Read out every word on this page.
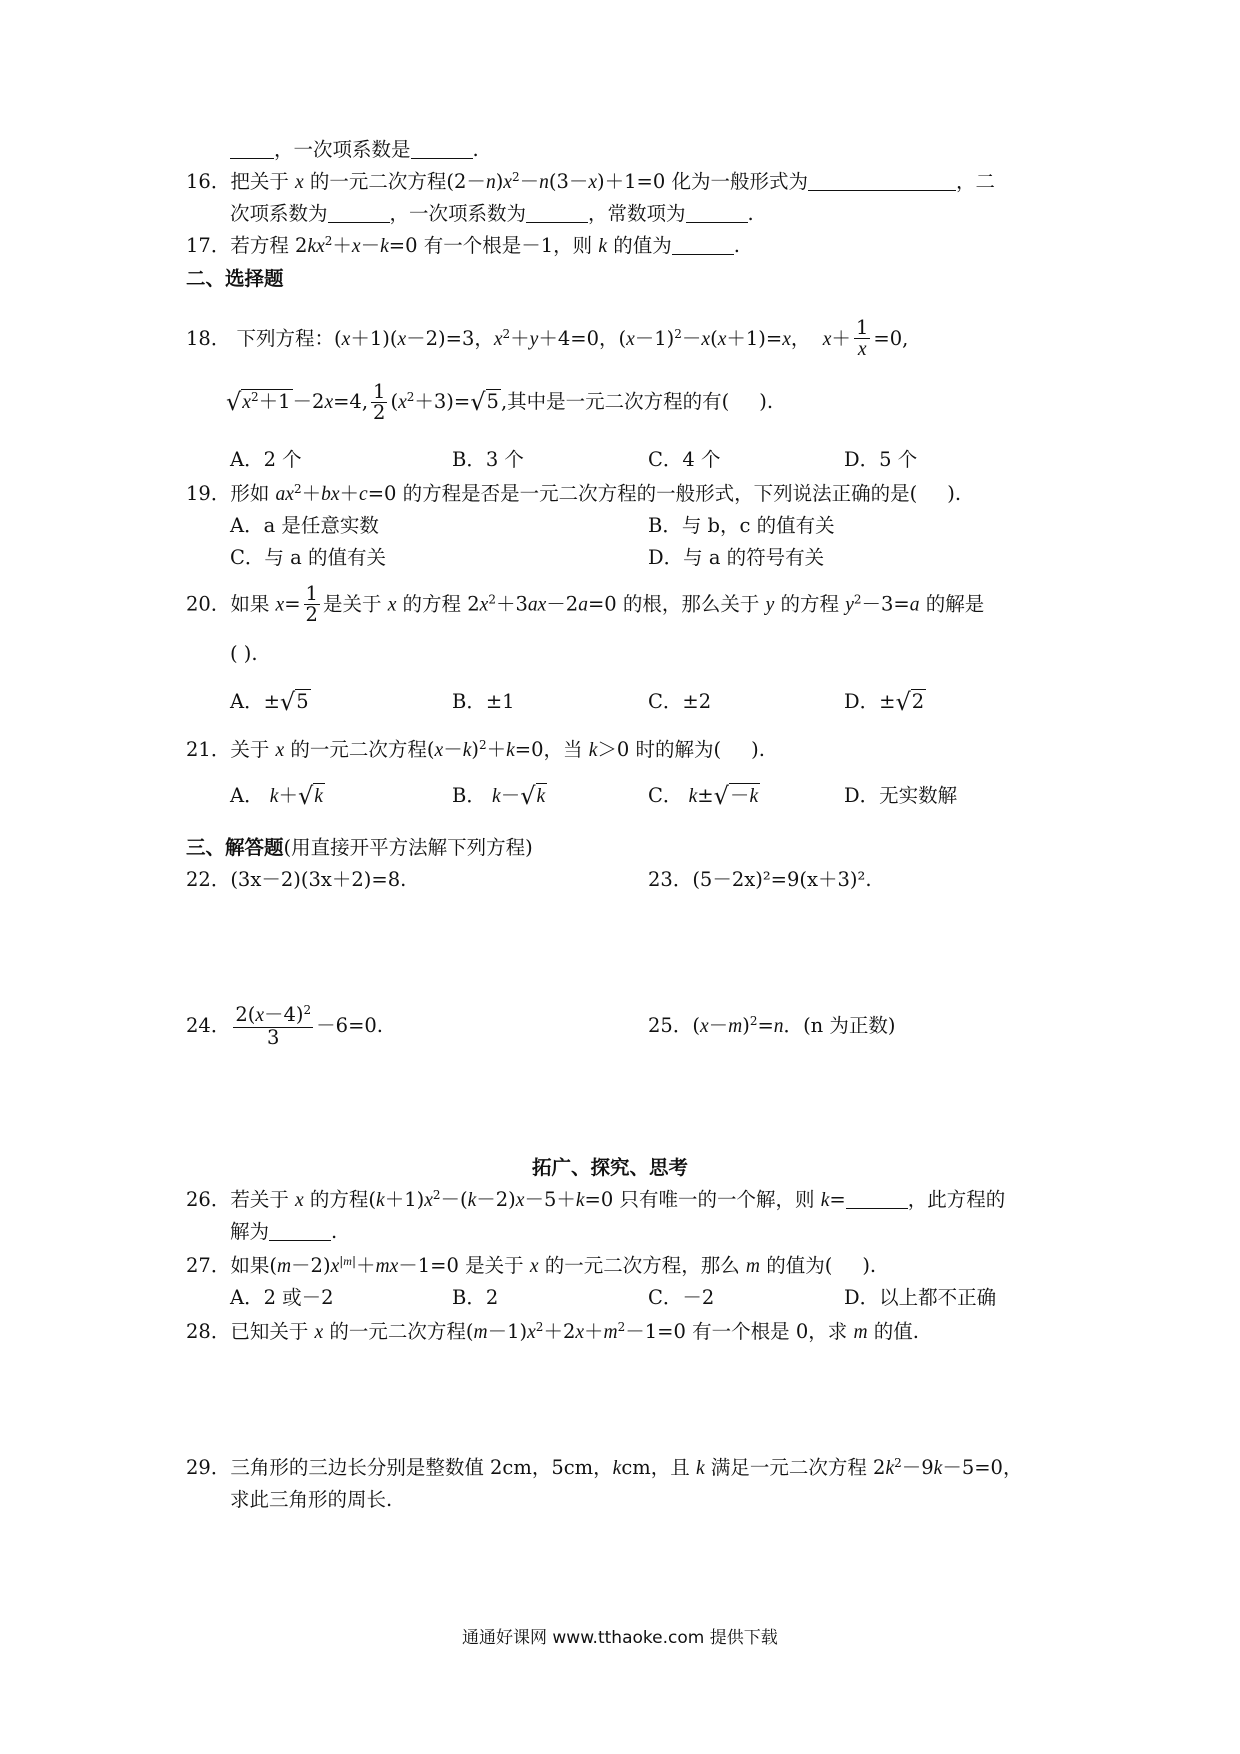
，一次项系数是	.
16．把关于 x 的一元二次方程$(2-n)x^2-n(3-x)+1=0$ 化为一般形式为	，二
次项系数为	，一次项系数为	，常数项为	.
17．若方程 $2kx^2+x-k=0$ 有一个根是－1，则 k 的值为	.
二、选择题
18． 下列方程：(x＋1)(x－2)=3，$x^2+y+4=0$，$(x-1)^2-x(x+1)=x$，  $x+ \frac{1}{x} =0$,
$√x^2+1 -2x=4$, $\frac{1}{2} (x^2+3)=√5$ ,其中是一元二次方程的有( ).
A．2 个	B．3 个	C．4 个	D．5 个
19．形如 $ax^2+bx+c=0$ 的方程是否是一元二次方程的一般形式，下列说法正确的是( ).
A．a 是任意实数	B．与 b，c 的值有关
C．与 a 的值有关	D．与 a 的符号有关
20．如果 $x= \frac{1}{2}$ 是关于 x 的方程 $2x^2+3ax-2a=0$ 的根，那么关于 y 的方程 $y^2-3=a$ 的解是
( ).
A．±√5	B．±1	C．±2	D．±√2
21．关于 x 的一元二次方程$(x-k)^2+k=0$，当 k＞0 时的解为( ).
A． k＋√k	B． k－√k	C． k±√－k	D．无实数解
三、解答题(用直接开平方法解下列方程)
22．(3x－2)(3x＋2)=8.	23．(5－2x)²=9(x＋3)².
24． $\frac{2(x-4)^2}{3} -6=0$.	25．$(x-m)^2=n$．(n 为正数)
拓广、探究、思考
26．若关于 x 的方程$(k+1)x^2-(k-2)x-5+k=0$ 只有唯一的一个解，则 k=	，此方程的
解为	.
27．如果$(m-2)x^{|m|}+mx-1=0$ 是关于 x 的一元二次方程，那么 m 的值为( ).
A．2 或－2	B．2	C．－2	D．以上都不正确
28．已知关于 x 的一元二次方程$(m-1)x^2+2x+m^2-1=0$ 有一个根是 0，求 m 的值.
29．三角形的三边长分别是整数值 2cm，5cm，kcm，且 k 满足一元二次方程 $2k^2-9k-5=0$，
求此三角形的周长.
通通好课网 www.tthaoke.com 提供下载
